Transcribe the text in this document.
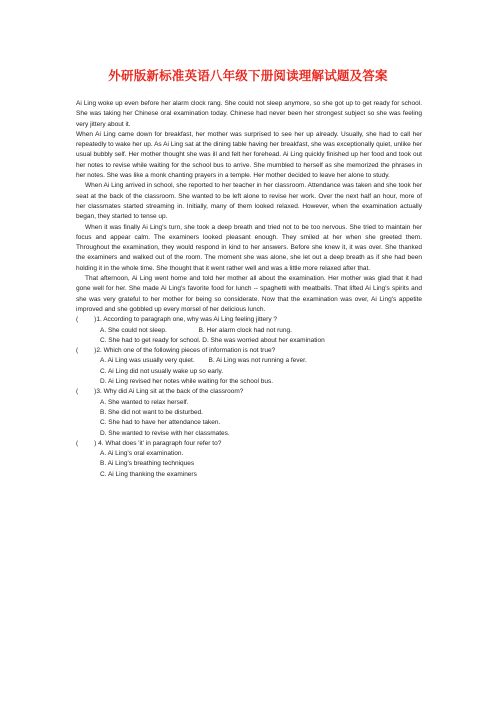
外研版新标准英语八年级下册阅读理解试题及答案

Ai Ling woke up even before her alarm clock rang. She could not sleep anymore, so she got up to get ready for school. She was taking her Chinese oral examination today. Chinese had never been her strongest subject so she was feeling very jittery about it.

When Ai Ling came down for breakfast, her mother was surprised to see her up already. Usually, she had to call her repeatedly to wake her up. As Ai Ling sat at the dining table having her breakfast, she was exceptionally quiet, unlike her usual bubbly self. Her mother thought she was ill and felt her forehead. Ai Ling quickly finished up her food and took out her notes to revise while waiting for the school bus to arrive. She mumbled to herself as she memorized the phrases in her notes. She was like a monk chanting prayers in a temple. Her mother decided to leave her alone to study.

When Ai Ling arrived in school, she reported to her teacher in her classroom. Attendance was taken and she took her seat at the back of the classroom. She wanted to be left alone to revise her work. Over the next half an hour, more of her classmates started streaming in. Initially, many of them looked relaxed. However, when the examination actually began, they started to tense up.

When it was finally Ai Ling's turn, she took a deep breath and tried not to be too nervous. She tried to maintain her focus and appear calm. The examiners looked pleasant enough. They smiled at her when she greeted them. Throughout the examination, they would respond in kind to her answers. Before she knew it, it was over. She thanked the examiners and walked out of the room. The moment she was alone, she let out a deep breath as if she had been holding it in the whole time. She thought that it went rather well and was a little more relaxed after that.

That afternoon, Ai Ling went home and told her mother all about the examination. Her mother was glad that it had gone well for her. She made Ai Ling's favorite food for lunch -- spaghetti with meatballs. That lifted Ai Ling's spirits and she was very grateful to her mother for being so considerate. Now that the examination was over, Ai Ling's appetite improved and she gobbled up every morsel of her delicious lunch.

( )1. According to paragraph one, why was Ai Ling feeling jittery ?

A. She could not sleep.	B. Her alarm clock had not rung.

C. She had to get ready for school. D. She was worried about her examination

( )2. Which one of the following pieces of information is not true?

A. Ai Ling was usually very quiet. B. Ai Ling was not running a fever.

C. Ai Ling did not usually wake up so early.

D. Ai Ling revised her notes while waiting for the school bus.

( )3. Why did Ai Ling sit at the back of the classroom?

A. She wanted to relax herself.

B. She did not want to be disturbed.

C. She had to have her attendance taken.

D. She wanted to revise with her classmates.

( ) 4. What does 'it' in paragraph four refer to?

A. Ai Ling's oral examination.

B. Ai Ling's breathing techniques

C. Ai Ling thanking the examiners
